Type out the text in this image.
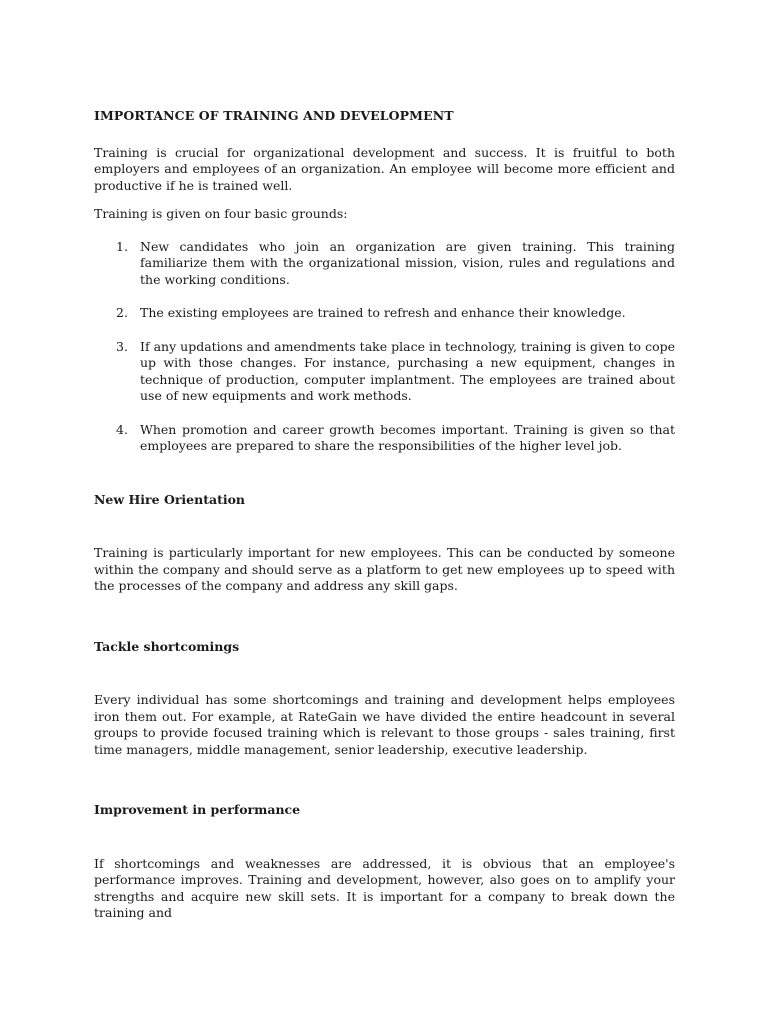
IMPORTANCE OF TRAINING AND DEVELOPMENT

Training is crucial for organizational development and success. It is fruitful to both employers and employees of an organization. An employee will become more efficient and productive if he is trained well.

Training is given on four basic grounds:

1. New candidates who join an organization are given training. This training familiarize them with the organizational mission, vision, rules and regulations and the working conditions.
2. The existing employees are trained to refresh and enhance their knowledge.
3. If any updations and amendments take place in technology, training is given to cope up with those changes. For instance, purchasing a new equipment, changes in technique of production, computer implantment. The employees are trained about use of new equipments and work methods.
4. When promotion and career growth becomes important. Training is given so that employees are prepared to share the responsibilities of the higher level job.
New Hire Orientation

Training is particularly important for new employees. This can be conducted by someone within the company and should serve as a platform to get new employees up to speed with the processes of the company and address any skill gaps.

Tackle shortcomings

Every individual has some shortcomings and training and development helps employees iron them out. For example, at RateGain we have divided the entire headcount in several groups to provide focused training which is relevant to those groups - sales training, first time managers, middle management, senior leadership, executive leadership.

Improvement in performance

If shortcomings and weaknesses are addressed, it is obvious that an employee's performance improves. Training and development, however, also goes on to amplify your strengths and acquire new skill sets. It is important for a company to break down the training and
